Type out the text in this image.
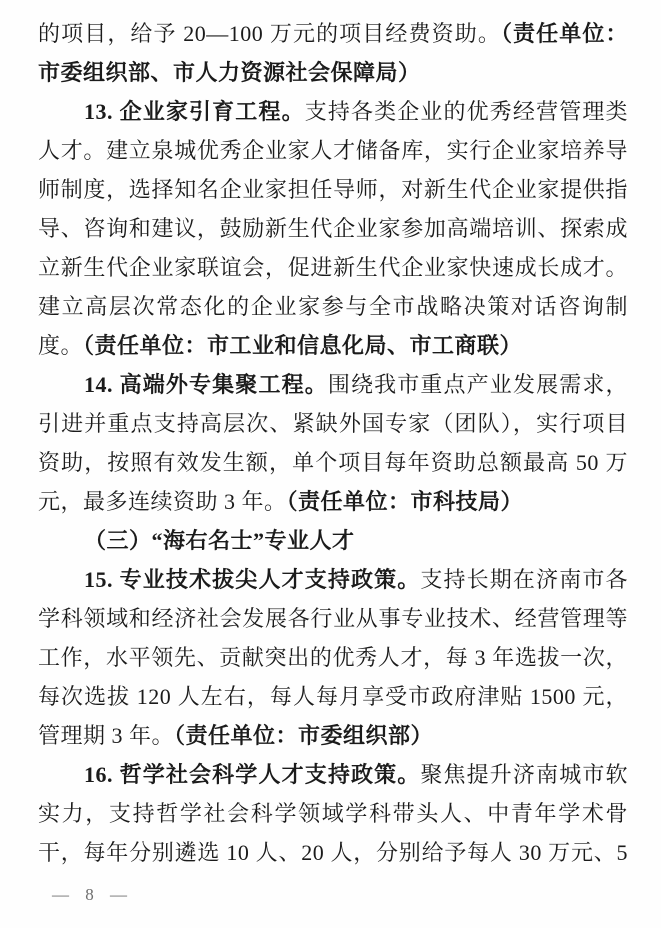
的项目，给予 20—100 万元的项目经费资助。（责任单位：
市委组织部、市人力资源社会保障局）
13. 企业家引育工程。支持各类企业的优秀经营管理类
人才。建立泉城优秀企业家人才储备库，实行企业家培养导
师制度，选择知名企业家担任导师，对新生代企业家提供指
导、咨询和建议，鼓励新生代企业家参加高端培训、探索成
立新生代企业家联谊会，促进新生代企业家快速成长成才。
建立高层次常态化的企业家参与全市战略决策对话咨询制
度。（责任单位：市工业和信息化局、市工商联）
14. 高端外专集聚工程。围绕我市重点产业发展需求，
引进并重点支持高层次、紧缺外国专家（团队），实行项目
资助，按照有效发生额，单个项目每年资助总额最高 50 万
元，最多连续资助 3 年。（责任单位：市科技局）
（三）“海右名士”专业人才
15. 专业技术拔尖人才支持政策。支持长期在济南市各
学科领域和经济社会发展各行业从事专业技术、经营管理等
工作，水平领先、贡献突出的优秀人才，每 3 年选拔一次，
每次选拔 120 人左右，每人每月享受市政府津贴 1500 元，
管理期 3 年。（责任单位：市委组织部）
16. 哲学社会科学人才支持政策。聚焦提升济南城市软
实力，支持哲学社会科学领域学科带头人、中青年学术骨
干，每年分别遴选 10 人、20 人，分别给予每人 30 万元、5
— 8 —
